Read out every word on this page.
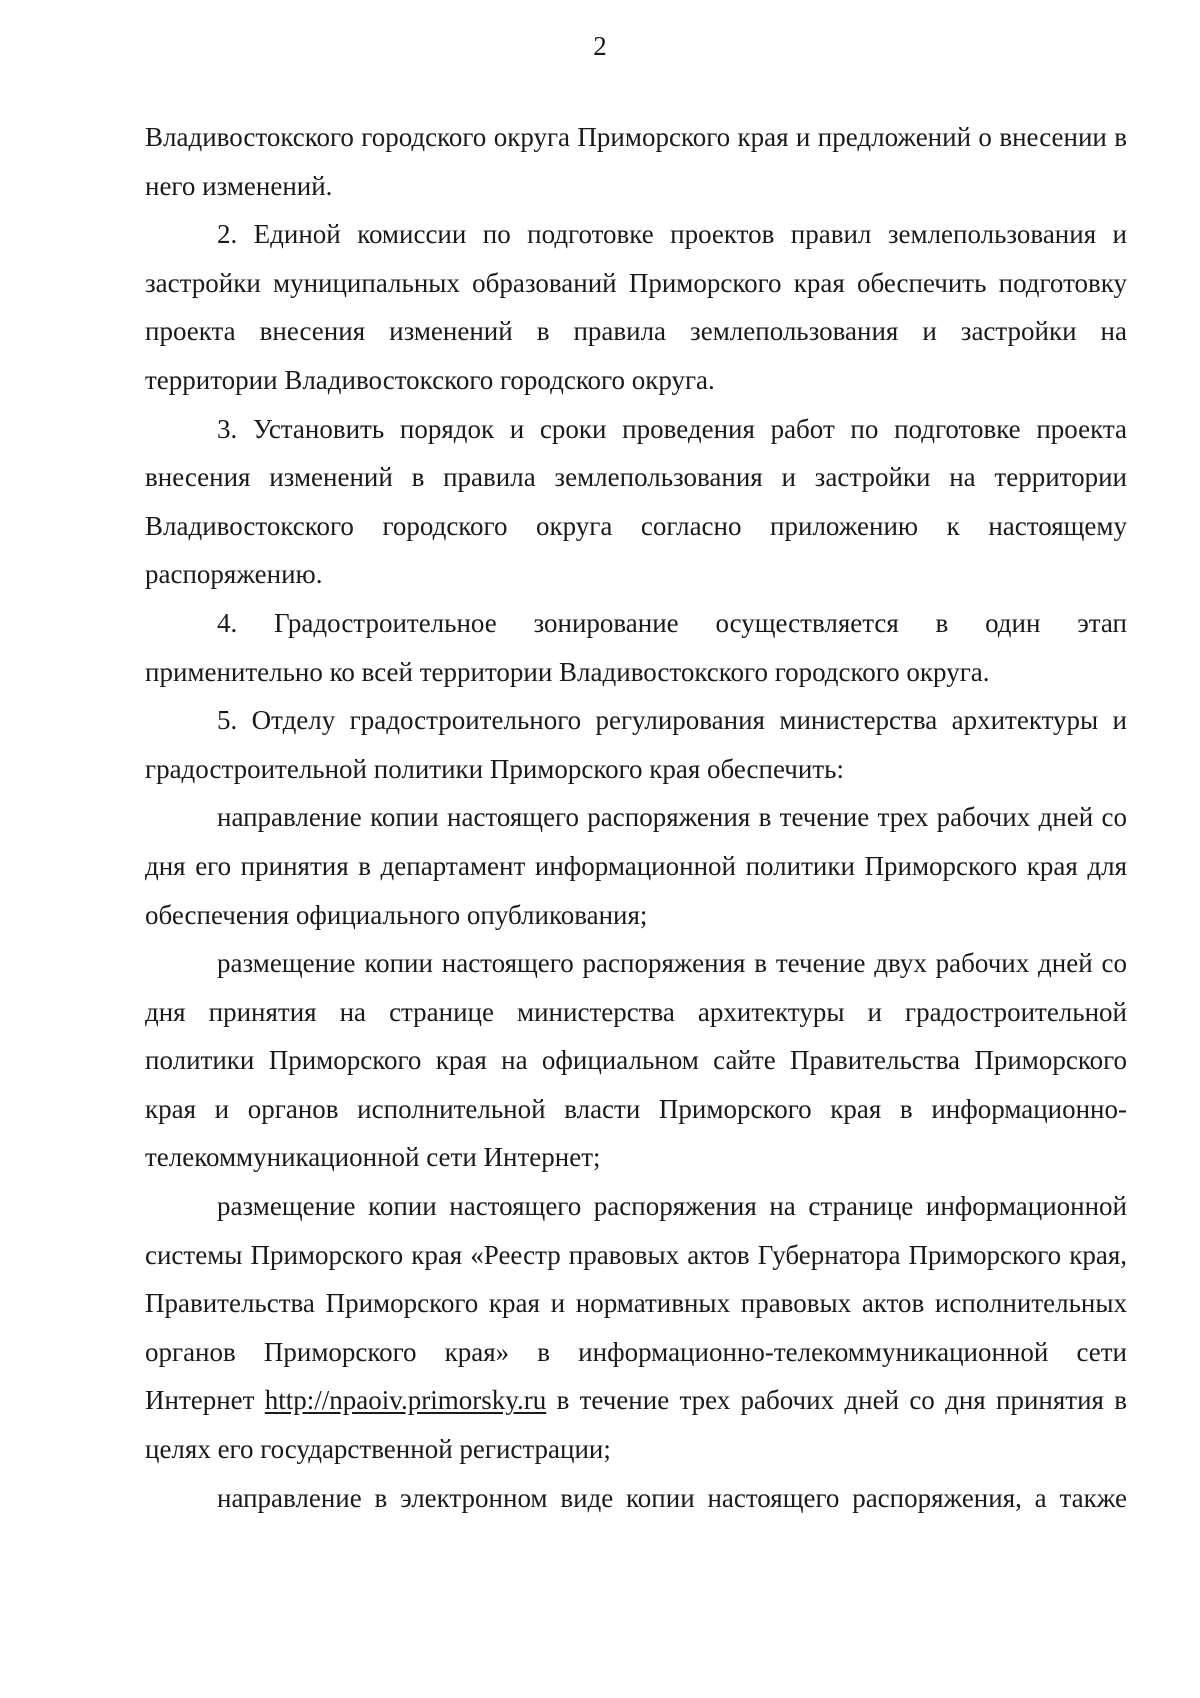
2

Владивостокского городского округа Приморского края и предложений о внесении в него изменений.

2. Единой комиссии по подготовке проектов правил землепользования и застройки муниципальных образований Приморского края обеспечить подготовку проекта внесения изменений в правила землепользования и застройки на территории Владивостокского городского округа.

3. Установить порядок и сроки проведения работ по подготовке проекта внесения изменений в правила землепользования и застройки на территории Владивостокского городского округа согласно приложению к настоящему распоряжению.

4. Градостроительное зонирование осуществляется в один этап применительно ко всей территории Владивостокского городского округа.

5. Отделу градостроительного регулирования министерства архитектуры и градостроительной политики Приморского края обеспечить:

направление копии настоящего распоряжения в течение трех рабочих дней со дня его принятия в департамент информационной политики Приморского края для обеспечения официального опубликования;

размещение копии настоящего распоряжения в течение двух рабочих дней со дня принятия на странице министерства архитектуры и градостроительной политики Приморского края на официальном сайте Правительства Приморского края и органов исполнительной власти Приморского края в информационно-телекоммуникационной сети Интернет;

размещение копии настоящего распоряжения на странице информационной системы Приморского края «Реестр правовых актов Губернатора Приморского края, Правительства Приморского края и нормативных правовых актов исполнительных органов Приморского края» в информационно-телекоммуникационной сети Интернет http://npaoiv.primorsky.ru в течение трех рабочих дней со дня принятия в целях его государственной регистрации;

направление в электронном виде копии настоящего распоряжения, а также
